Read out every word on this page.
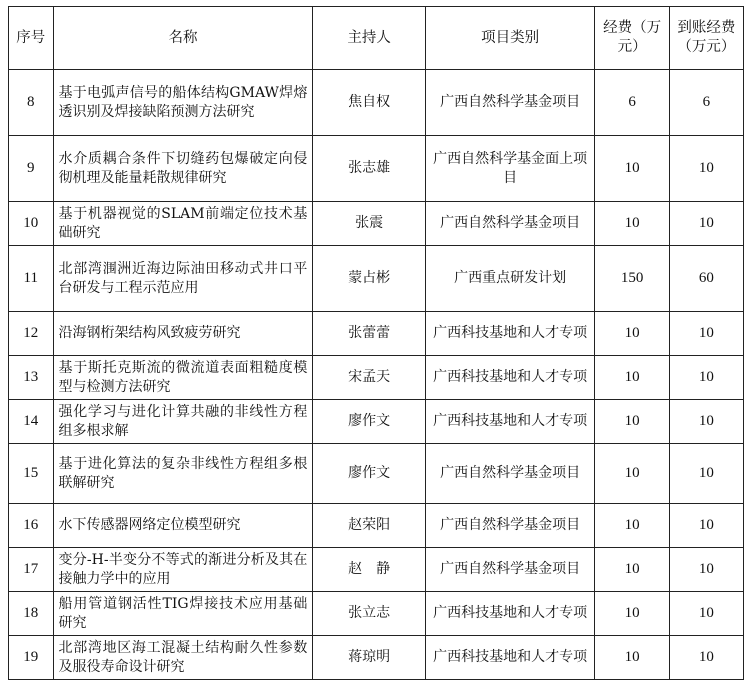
序号	名称	主持人	项目类别	经费（万元）	到账经费（万元）
8	基于电弧声信号的船体结构GMAW焊熔透识别及焊接缺陷预测方法研究	焦自权	广西自然科学基金项目	6	6
9	水介质耦合条件下切缝药包爆破定向侵彻机理及能量耗散规律研究	张志雄	广西自然科学基金面上项目	10	10
10	基于机器视觉的SLAM前端定位技术基础研究	张震	广西自然科学基金项目	10	10
11	北部湾涠洲近海边际油田移动式井口平台研发与工程示范应用	蒙占彬	广西重点研发计划	150	60
12	沿海钢桁架结构风致疲劳研究	张蕾蕾	广西科技基地和人才专项	10	10
13	基于斯托克斯流的微流道表面粗糙度模型与检测方法研究	宋孟天	广西科技基地和人才专项	10	10
14	强化学习与进化计算共融的非线性方程组多根求解	廖作文	广西科技基地和人才专项	10	10
15	基于进化算法的复杂非线性方程组多根联解研究	廖作文	广西自然科学基金项目	10	10
16	水下传感器网络定位模型研究	赵荣阳	广西自然科学基金项目	10	10
17	变分-H-半变分不等式的渐进分析及其在接触力学中的应用	赵　静	广西自然科学基金项目	10	10
18	船用管道钢活性TIG焊接技术应用基础研究	张立志	广西科技基地和人才专项	10	10
19	北部湾地区海工混凝土结构耐久性参数及服役寿命设计研究	蒋琼明	广西科技基地和人才专项	10	10
